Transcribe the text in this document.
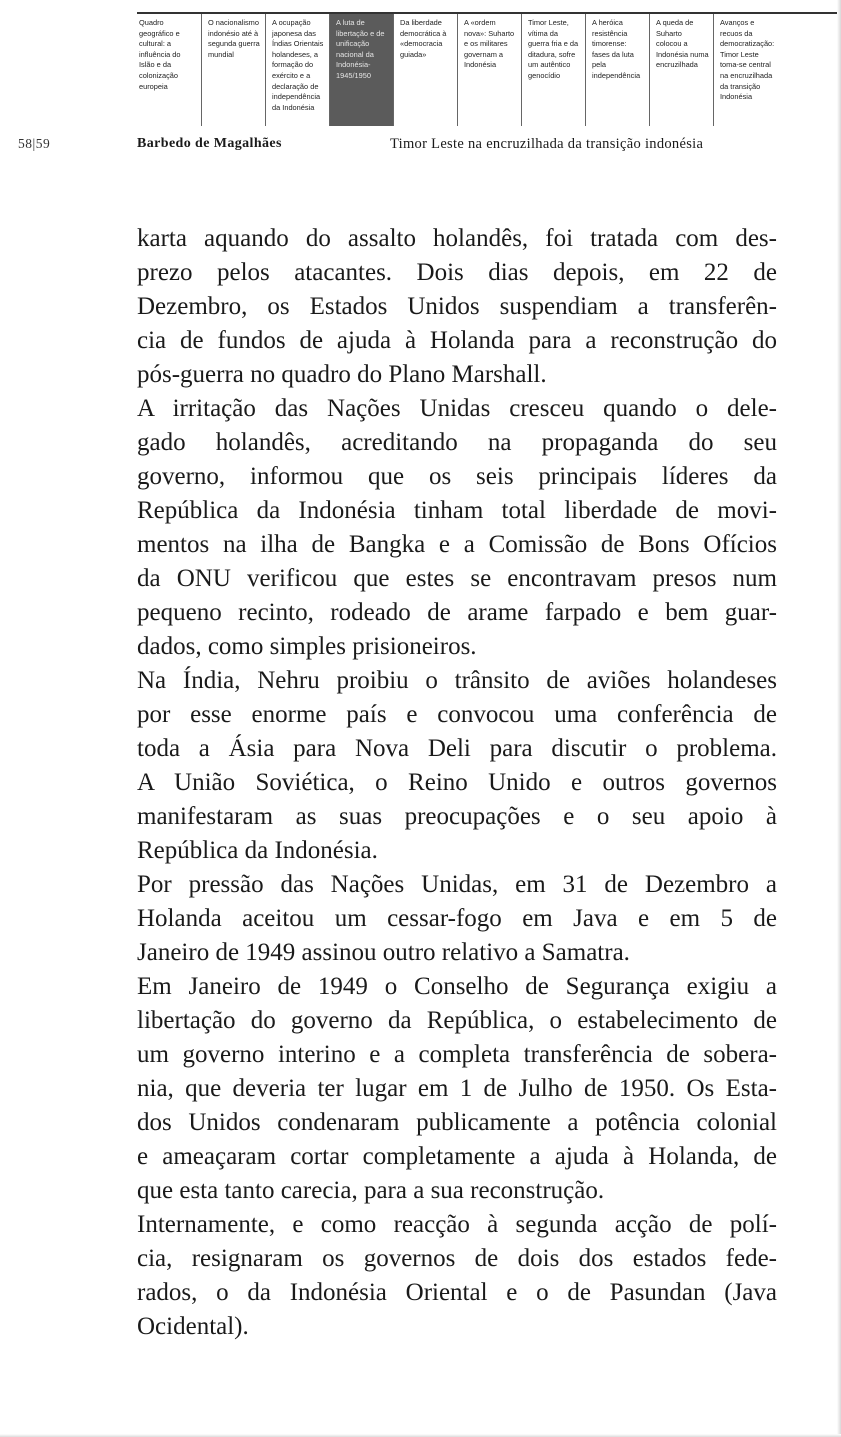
Quadro geográfico e cultural: a influência do Islão e da colonização europeia
O nacionalismo indonésio até à segunda guerra mundial
A ocupação japonesa das Índias Orientais holandeses, a formação do exército e a declaração de independência da Indonésia
A luta de libertação e de unificação nacional da Indonésia-
1945/1950
Da liberdade democrática à «democracia guiada»
A «ordem nova»: Suharto e os militares governam a Indonésia
Timor Leste, vítima da guerra fria e da ditadura, sofre um autêntico genocídio
A heróica resistência timorense: fases da luta pela independência
A queda de Suharto colocou a Indonésia numa encruzilhada
Avanços e recuos da democratização: Timor Leste toma-se central na encruzilhada da transição Indonésia
58|59	Barbedo de Magalhães	Timor Leste na encruzilhada da transição indonésia
karta aquando do assalto holandês, foi tratada com des-
prezo pelos atacantes. Dois dias depois, em 22 de
Dezembro, os Estados Unidos suspendiam a transferên-
cia de fundos de ajuda à Holanda para a reconstrução do
pós-guerra no quadro do Plano Marshall.
A irritação das Nações Unidas cresceu quando o dele-
gado holandês, acreditando na propaganda do seu
governo, informou que os seis principais líderes da
República da Indonésia tinham total liberdade de movi-
mentos na ilha de Bangka e a Comissão de Bons Ofícios
da ONU verificou que estes se encontravam presos num
pequeno recinto, rodeado de arame farpado e bem guar-
dados, como simples prisioneiros.
Na Índia, Nehru proibiu o trânsito de aviões holandeses
por esse enorme país e convocou uma conferência de
toda a Ásia para Nova Deli para discutir o problema.
A União Soviética, o Reino Unido e outros governos
manifestaram as suas preocupações e o seu apoio à
República da Indonésia.
Por pressão das Nações Unidas, em 31 de Dezembro a
Holanda aceitou um cessar-fogo em Java e em 5 de
Janeiro de 1949 assinou outro relativo a Samatra.
Em Janeiro de 1949 o Conselho de Segurança exigiu a
libertação do governo da República, o estabelecimento de
um governo interino e a completa transferência de sobera-
nia, que deveria ter lugar em 1 de Julho de 1950. Os Esta-
dos Unidos condenaram publicamente a potência colonial
e ameaçaram cortar completamente a ajuda à Holanda, de
que esta tanto carecia, para a sua reconstrução.
Internamente, e como reacção à segunda acção de polí-
cia, resignaram os governos de dois dos estados fede-
rados, o da Indonésia Oriental e o de Pasundan (Java
Ocidental).
